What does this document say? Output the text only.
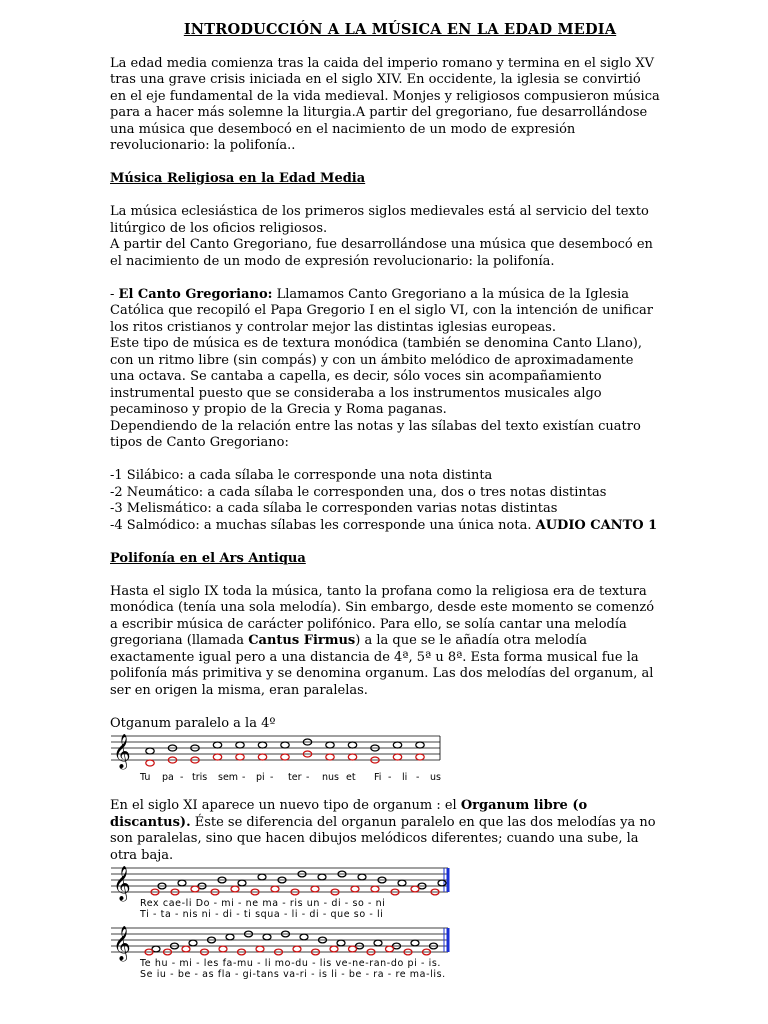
INTRODUCCIÓN A LA MÚSICA EN LA EDAD MEDIA

La edad media comienza tras la caida del imperio romano y termina en el siglo XV tras una grave crisis iniciada en el siglo XIV. En occidente, la iglesia se convirtió en el eje fundamental de la vida medieval. Monjes y religiosos compusieron música para a hacer más solemne la liturgia.A partir del gregoriano, fue desarrollándose una música que desembocó en el nacimiento de un modo de expresión revolucionario: la polifonía..

Música Religiosa en la Edad Media

La música eclesiástica de los primeros siglos medievales está al servicio del texto litúrgico de los oficios religiosos.

A partir del Canto Gregoriano, fue desarrollándose una música que desembocó en el nacimiento de un modo de expresión revolucionario: la polifonía.

- El Canto Gregoriano: Llamamos Canto Gregoriano a la música de la Iglesia Católica que recopiló el Papa Gregorio I en el siglo VI, con la intención de unificar los ritos cristianos y controlar mejor las distintas iglesias europeas.

Este tipo de música es de textura monódica (también se denomina Canto Llano), con un ritmo libre (sin compás) y con un ámbito melódico de aproximadamente una octava. Se cantaba a capella, es decir, sólo voces sin acompañamiento instrumental puesto que se consideraba a los instrumentos musicales algo pecaminoso y propio de la Grecia y Roma paganas.

Dependiendo de la relación entre las notas y las sílabas del texto existían cuatro tipos de Canto Gregoriano:

-1 Silábico: a cada sílaba le corresponde una nota distinta

-2 Neumático: a cada sílaba le corresponden una, dos o tres notas distintas

-3 Melismático: a cada sílaba le corresponden varias notas distintas

-4 Salmódico: a muchas sílabas les corresponde una única nota. AUDIO CANTO 1

Polifonía en el Ars Antiqua

Hasta el siglo IX toda la música, tanto la profana como la religiosa era de textura monódica (tenía una sola melodía). Sin embargo, desde este momento se comenzó a escribir música de carácter polifónico. Para ello, se solía cantar una melodía gregoriana (llamada Cantus Firmus) a la que se le añadía otra melodía exactamente igual pero a una distancia de 4ª, 5ª u 8ª. Esta forma musical fue la polifonía más primitiva y se denomina organum. Las dos melodías del organum, al ser en origen la misma, eran paralelas.

Otganum paralelo a la 4º

𝄞
Tu pa - tris sem - pi - ter - nus et Fi - li - us

En el siglo XI aparece un nuevo tipo de organum : el Organum libre (o discantus). Éste se diferencia del organun paralelo en que las dos melodías ya no son paralelas, sino que hacen dibujos melódicos diferentes; cuando una sube, la otra baja.

𝄞
𝄞
Rex cae-li Do - mi - ne ma - ris un - di - so - ni
Ti - ta - nis ni - di - ti squa - li - di - que so - li
Te hu - mi - les fa-mu - li mo-du - lis ve-ne-ran-do pi - is.
Se iu - be - as fla - gi-tans va-ri - is li - be - ra - re ma-lis.
